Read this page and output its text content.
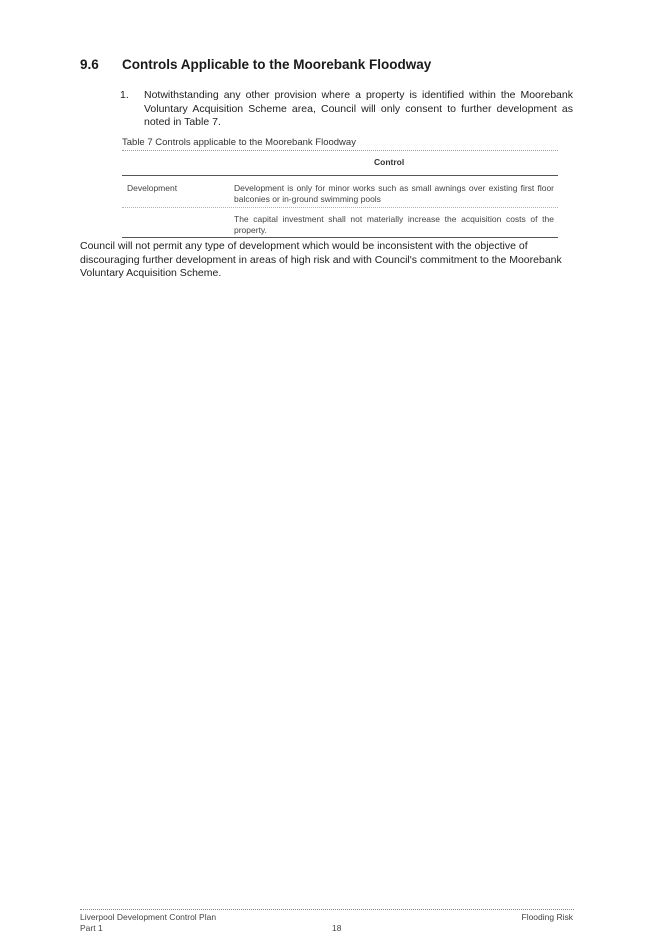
9.6 Controls Applicable to the Moorebank Floodway
1. Notwithstanding any other provision where a property is identified within the Moorebank Voluntary Acquisition Scheme area, Council will only consent to further development as noted in Table 7.
Table 7 Controls applicable to the Moorebank Floodway
Control
Development	Development is only for minor works such as small awnings over existing first floor balconies or in-ground swimming pools
The capital investment shall not materially increase the acquisition costs of the property.
Council will not permit any type of development which would be inconsistent with the objective of discouraging further development in areas of high risk and with Council's commitment to the Moorebank Voluntary Acquisition Scheme.
Liverpool Development Control Plan
Part 1	18
Flooding Risk
